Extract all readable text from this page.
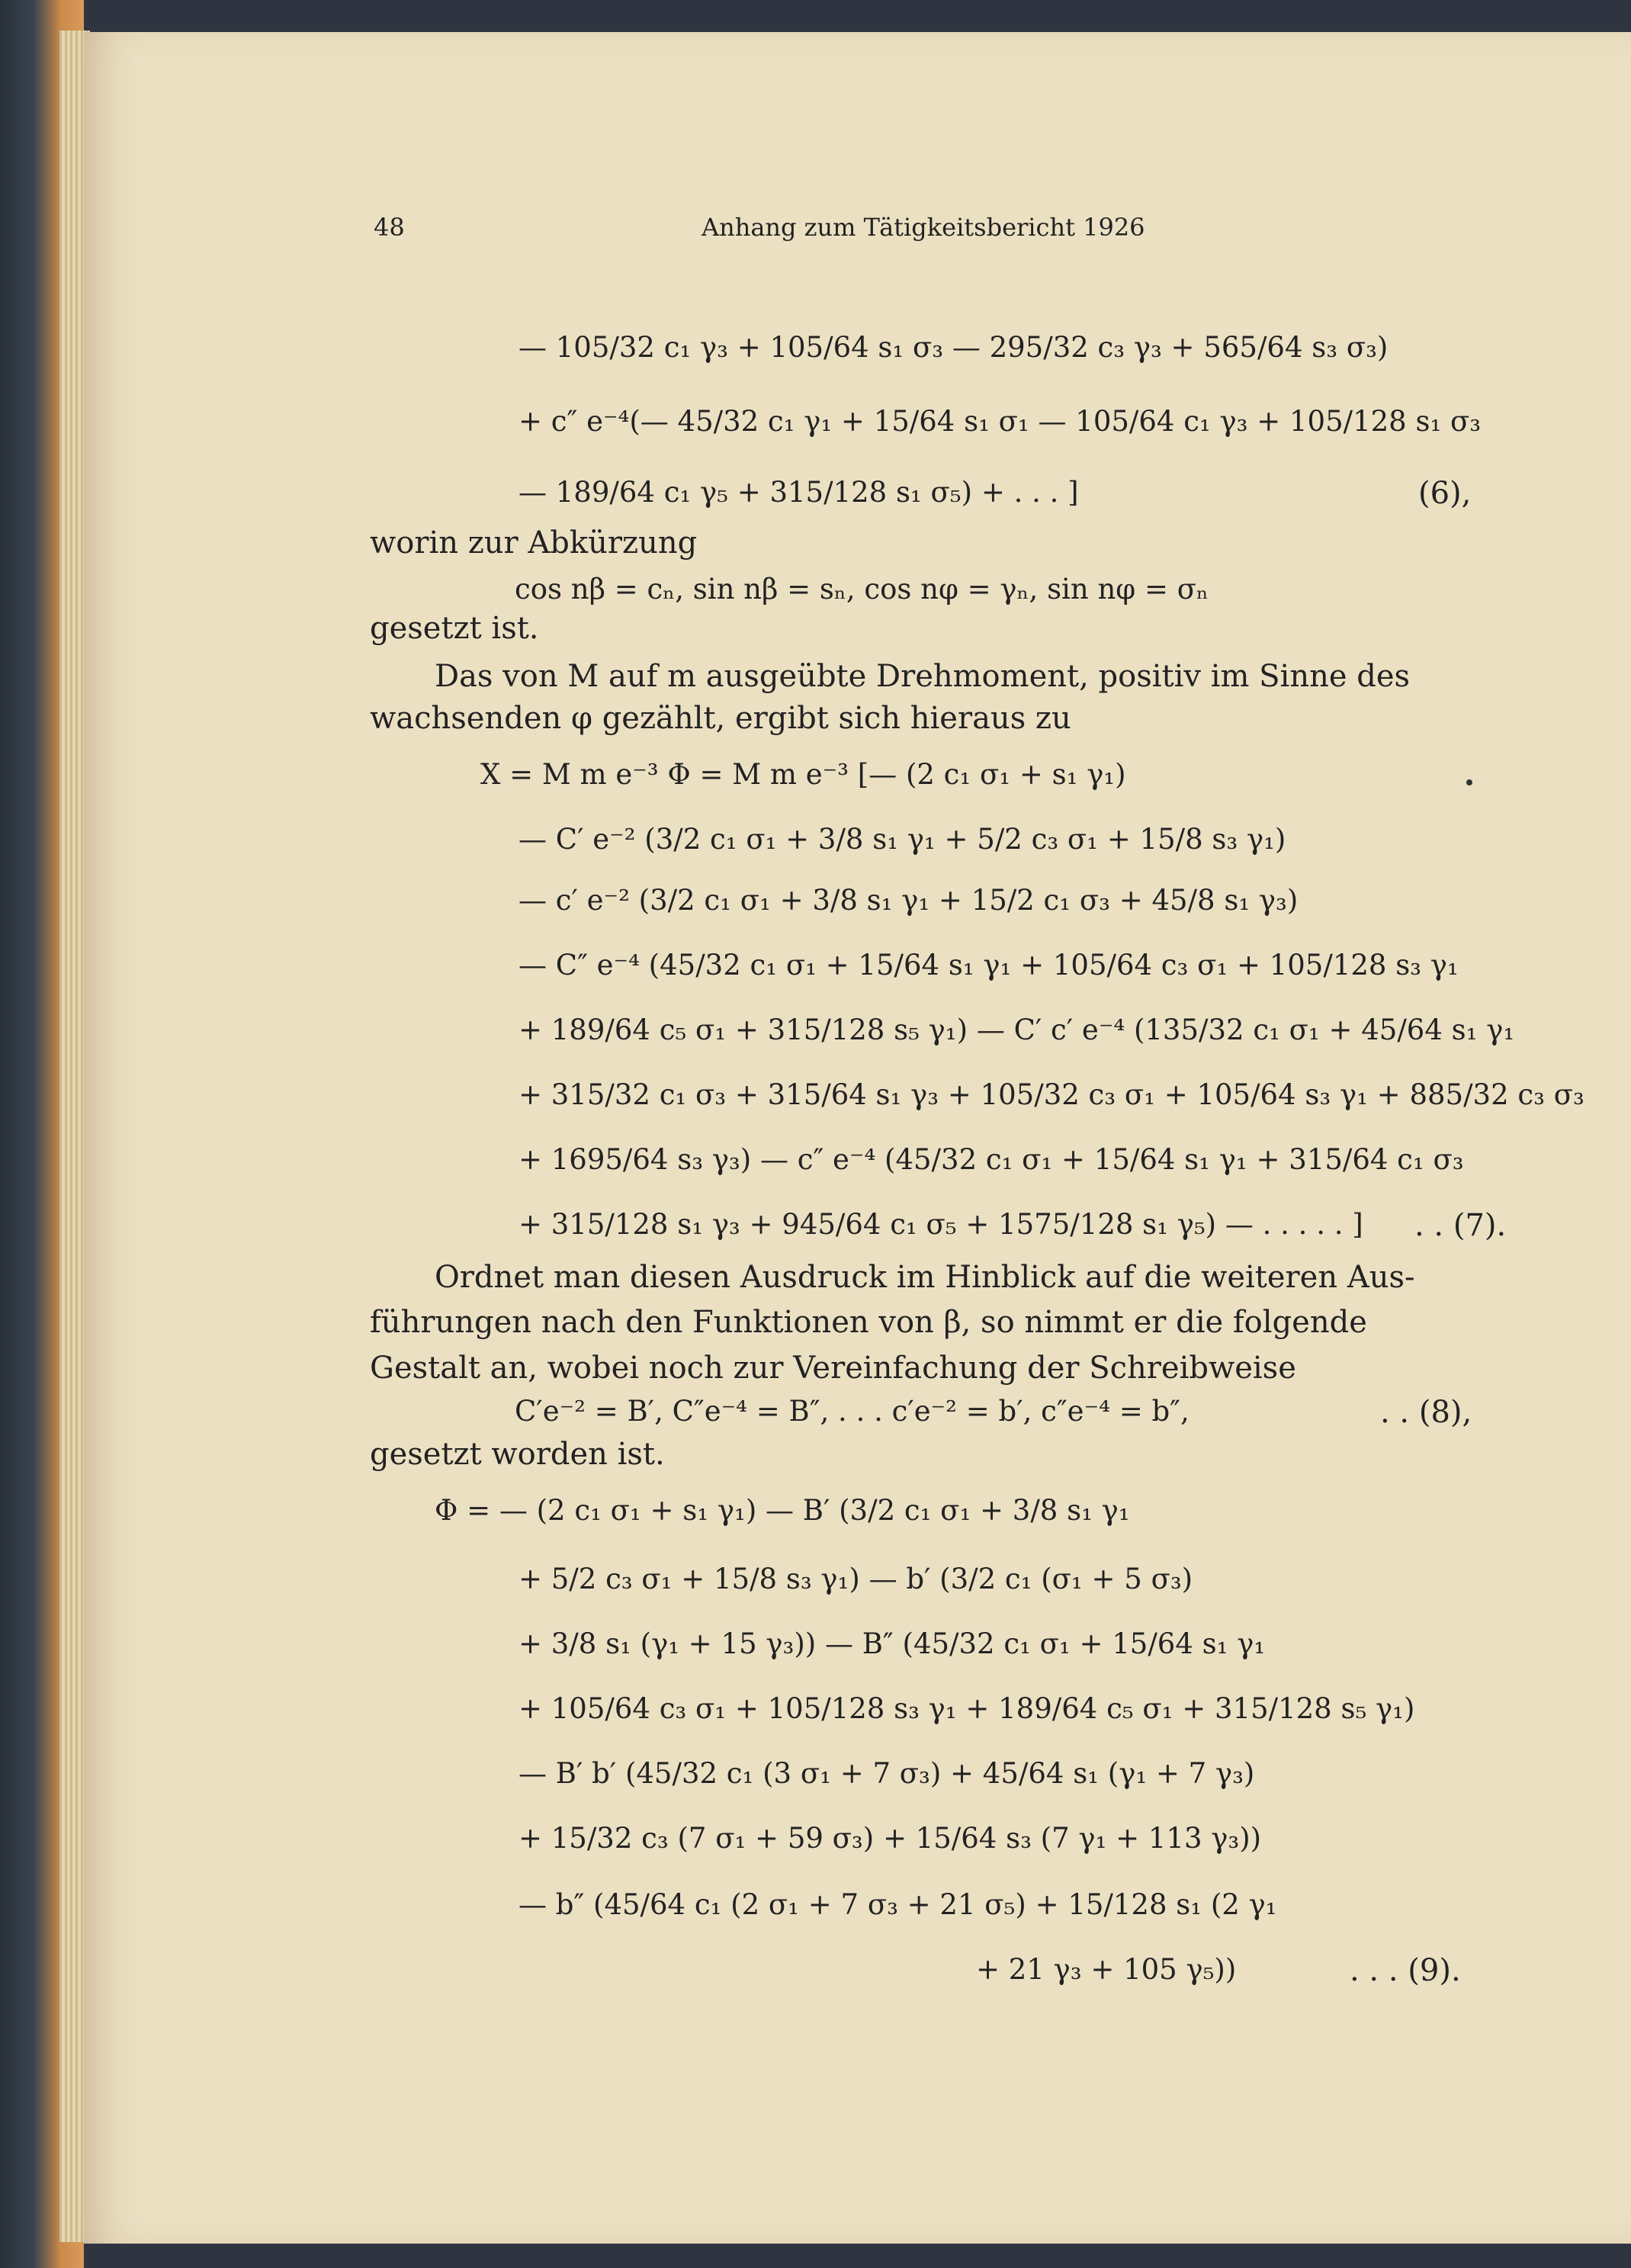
48	Anhang zum Tätigkeitsbericht 1926
— 105/32 c₁ γ₃ + 105/64 s₁ σ₃ — 295/32 c₃ γ₃ + 565/64 s₃ σ₃)
+ c″ e⁻⁴(— 45/32 c₁ γ₁ + 15/64 s₁ σ₁ — 105/64 c₁ γ₃ + 105/128 s₁ σ₃
— 189/64 c₁ γ₅ + 315/128 s₁ σ₅) + . . . ]	(6),
worin zur Abkürzung
cos nβ = cₙ, sin nβ = sₙ, cos nφ = γₙ, sin nφ = σₙ
gesetzt ist.
Das von M auf m ausgeübte Drehmoment, positiv im Sinne des
wachsenden φ gezählt, ergibt sich hieraus zu
X = M m e⁻³ Φ = M m e⁻³ [— (2 c₁ σ₁ + s₁ γ₁)
— C′ e⁻² (3/2 c₁ σ₁ + 3/8 s₁ γ₁ + 5/2 c₃ σ₁ + 15/8 s₃ γ₁)
— c′ e⁻² (3/2 c₁ σ₁ + 3/8 s₁ γ₁ + 15/2 c₁ σ₃ + 45/8 s₁ γ₃)
— C″ e⁻⁴ (45/32 c₁ σ₁ + 15/64 s₁ γ₁ + 105/64 c₃ σ₁ + 105/128 s₃ γ₁
+ 189/64 c₅ σ₁ + 315/128 s₅ γ₁) — C′ c′ e⁻⁴ (135/32 c₁ σ₁ + 45/64 s₁ γ₁
+ 315/32 c₁ σ₃ + 315/64 s₁ γ₃ + 105/32 c₃ σ₁ + 105/64 s₃ γ₁ + 885/32 c₃ σ₃
+ 1695/64 s₃ γ₃) — c″ e⁻⁴ (45/32 c₁ σ₁ + 15/64 s₁ γ₁ + 315/64 c₁ σ₃
+ 315/128 s₁ γ₃ + 945/64 c₁ σ₅ + 1575/128 s₁ γ₅) — . . . . . ] . . (7).
Ordnet man diesen Ausdruck im Hinblick auf die weiteren Aus-
führungen nach den Funktionen von β, so nimmt er die folgende
Gestalt an, wobei noch zur Vereinfachung der Schreibweise
C′e⁻² = B′, C″e⁻⁴ = B″, . . . c′e⁻² = b′, c″e⁻⁴ = b″,	. . (8),
gesetzt worden ist.
Φ = — (2 c₁ σ₁ + s₁ γ₁) — B′ (3/2 c₁ σ₁ + 3/8 s₁ γ₁
+ 5/2 c₃ σ₁ + 15/8 s₃ γ₁) — b′ (3/2 c₁ (σ₁ + 5 σ₃)
+ 3/8 s₁ (γ₁ + 15 γ₃)) — B″ (45/32 c₁ σ₁ + 15/64 s₁ γ₁
+ 105/64 c₃ σ₁ + 105/128 s₃ γ₁ + 189/64 c₅ σ₁ + 315/128 s₅ γ₁)
— B′ b′ (45/32 c₁ (3 σ₁ + 7 σ₃) + 45/64 s₁ (γ₁ + 7 γ₃)
+ 15/32 c₃ (7 σ₁ + 59 σ₃) + 15/64 s₃ (7 γ₁ + 113 γ₃))
— b″ (45/64 c₁ (2 σ₁ + 7 σ₃ + 21 σ₅) + 15/128 s₁ (2 γ₁
+ 21 γ₃ + 105 γ₅))	. . . (9).
